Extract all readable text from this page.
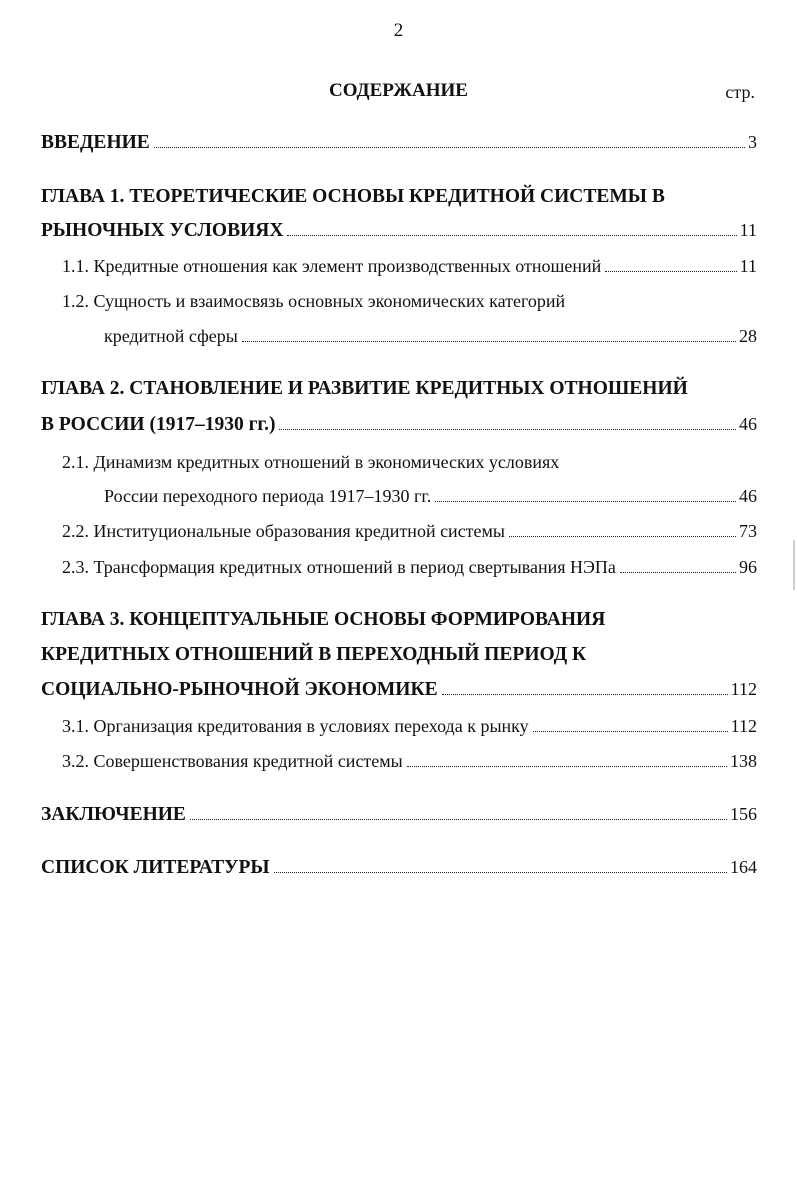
2
СОДЕРЖАНИЕ	стр.
ВВЕДЕНИЕ	3
ГЛАВА 1. ТЕОРЕТИЧЕСКИЕ ОСНОВЫ КРЕДИТНОЙ СИСТЕМЫ В
РЫНОЧНЫХ УСЛОВИЯХ	11
1.1. Кредитные отношения как элемент производственных отношений	11
1.2. Сущность и взаимосвязь основных экономических категорий
кредитной сферы	28
ГЛАВА 2. СТАНОВЛЕНИЕ И РАЗВИТИЕ КРЕДИТНЫХ ОТНОШЕНИЙ
В РОССИИ (1917–1930 гг.)	46
2.1. Динамизм кредитных отношений в экономических условиях
России переходного периода 1917–1930 гг.	46
2.2. Институциональные образования кредитной системы	73
2.3. Трансформация кредитных отношений в период свертывания НЭПа	96
ГЛАВА 3. КОНЦЕПТУАЛЬНЫЕ ОСНОВЫ ФОРМИРОВАНИЯ
КРЕДИТНЫХ ОТНОШЕНИЙ В ПЕРЕХОДНЫЙ ПЕРИОД К
СОЦИАЛЬНО-РЫНОЧНОЙ ЭКОНОМИКЕ	112
3.1. Организация кредитования в условиях перехода к рынку	112
3.2. Совершенствования кредитной системы	138
ЗАКЛЮЧЕНИЕ	156
СПИСОК ЛИТЕРАТУРЫ	164
